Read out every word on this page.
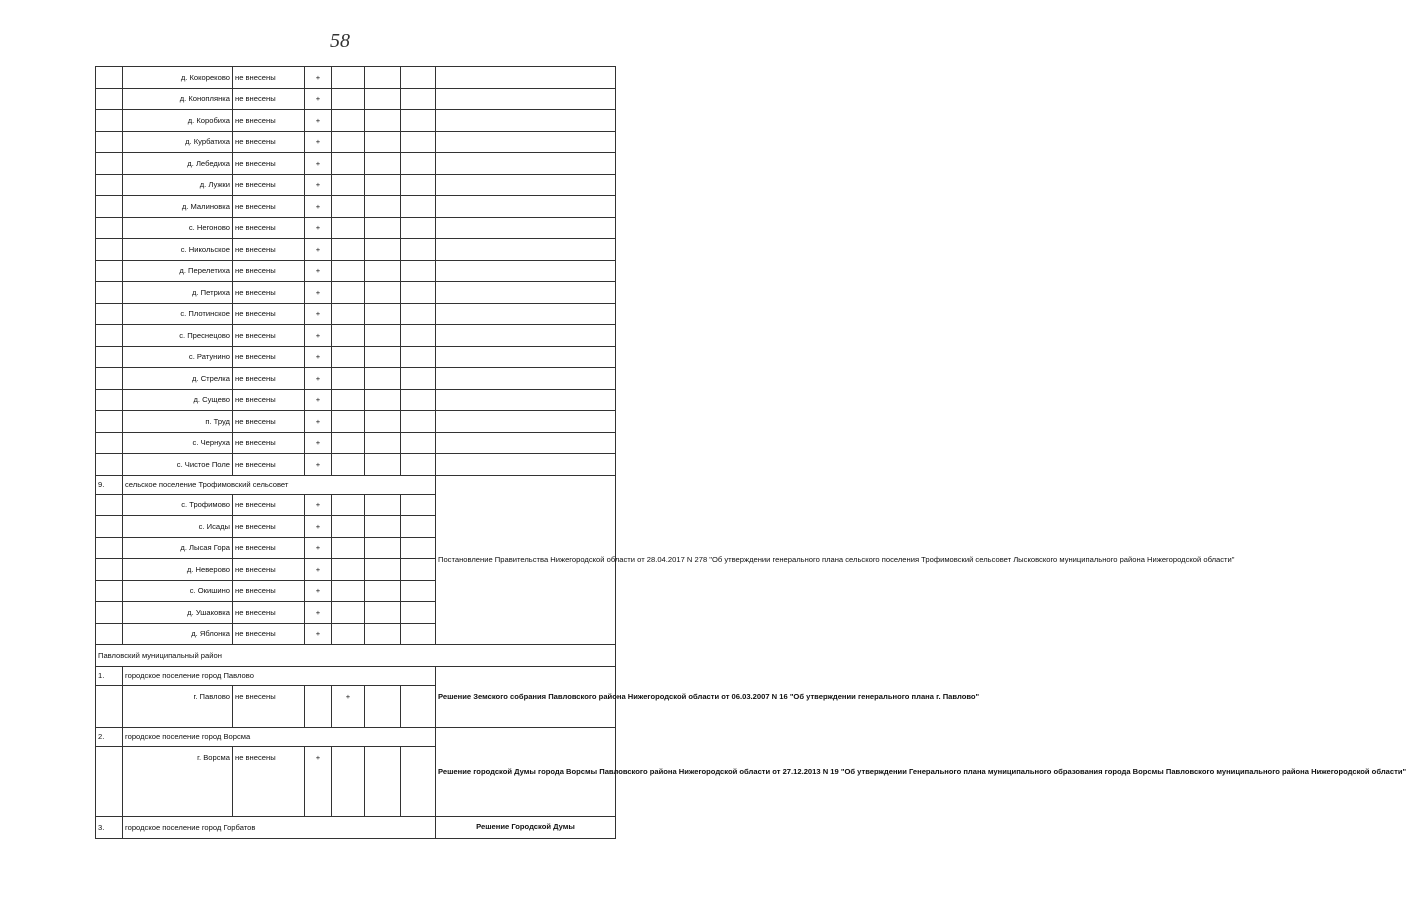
58
	д. Кокореково	не внесены	+				
	д. Коноплянка	не внесены	+				
	д. Коробиха	не внесены	+				
	д. Курбатиха	не внесены	+				
	д. Лебедиха	не внесены	+				
	д. Лужки	не внесены	+				
	д. Малиновка	не внесены	+				
	с. Негоново	не внесены	+				
	с. Никольское	не внесены	+				
	д. Перелетиха	не внесены	+				
	д. Петриха	не внесены	+				
	с. Плотинское	не внесены	+				
	с. Преснецово	не внесены	+				
	с. Ратунино	не внесены	+				
	д. Стрелка	не внесены	+				
	д. Сущево	не внесены	+				
	п. Труд	не внесены	+				
	с. Чернуха	не внесены	+				
	с. Чистое Поле	не внесены	+				
9.	сельское поселение Трофимовский сельсовет						Постановление Правительства Нижегородской области от 28.04.2017 N 278 "Об утверждении генерального плана сельского поселения Трофимовский сельсовет Лысковского муниципального района Нижегородской области"
	с. Трофимово	не внесены	+				
	с. Исады	не внесены	+				
	д. Лысая Гора	не внесены	+				
	д. Неверово	не внесены	+				
	с. Окишино	не внесены	+				
	д. Ушаковка	не внесены	+				
	д. Яблонка	не внесены	+				
Павловский муниципальный район							
1.	городское поселение город Павлово						Решение Земского собрания Павловского района Нижегородской области от 06.03.2007 N 16 "Об утверждении генерального плана г. Павлово"
	г. Павлово	не внесены		+			
2.	городское поселение город Ворсма						Решение городской Думы города Ворсмы Павловского района Нижегородской области от 27.12.2013 N 19 "Об утверждении Генерального плана муниципального образования города Ворсмы Павловского муниципального района Нижегородской области"
	г. Ворсма	не внесены	+				
3.	городское поселение город Горбатов						Решение Городской Думы
